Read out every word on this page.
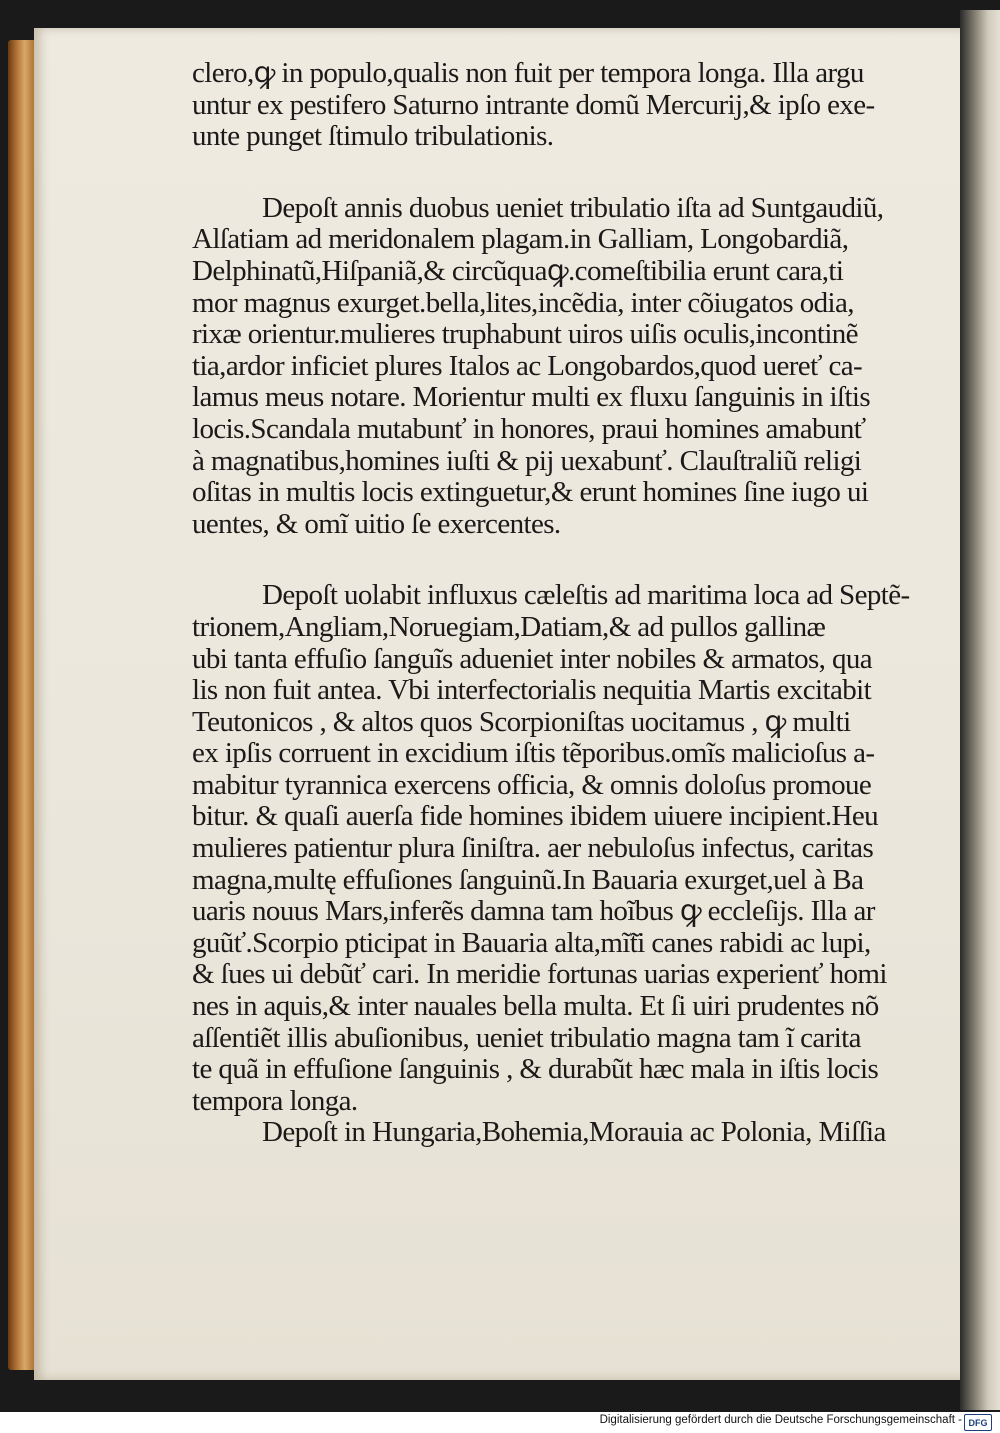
clero,ꝙ in populo,qualis non fuit per tempora longa. Illa argu
untur ex pestifero Saturno intrante domũ Mercurij,& ipſo exe-
unte punget ſtimulo tribulationis.
Depoſt annis duobus ueniet tribulatio iſta ad Suntgaudiũ,
Alſatiam ad meridonalem plagam.in Galliam, Longobardiã,
Delphinatũ,Hiſpaniã,& circũquaꝙ.comeſtibilia erunt cara,ti
mor magnus exurget.bella,lites,incẽdia, inter cõiugatos odia,
rixæ orientur.mulieres truphabunt uiros uiſis oculis,incontinẽ
tia,ardor inficiet plures Italos ac Longobardos,quod uereť ca-
lamus meus notare. Morientur multi ex fluxu ſanguinis in iſtis
locis.Scandala mutabunť in honores, praui homines amabunť
à magnatibus,homines iuſti & pij uexabunť. Clauſtraliũ religi
oſitas in multis locis extinguetur,& erunt homines ſine iugo ui
uentes, & omĩ uitio ſe exercentes.
Depoſt uolabit influxus cæleſtis ad maritima loca ad Septẽ-
trionem,Angliam,Noruegiam,Datiam,& ad pullos gallinæ
ubi tanta effuſio ſanguĩs adueniet inter nobiles & armatos, qua
lis non fuit antea. Vbi interfectorialis nequitia Martis excitabit
Teutonicos , & altos quos Scorpioniſtas uocitamus , ꝙ multi
ex ipſis corruent in excidium iſtis tẽporibus.omĩs malicioſus a-
mabitur tyrannica exercens officia, & omnis doloſus promoue
bitur. & quaſi auerſa fide homines ibidem uiuere incipient.Heu
mulieres patientur plura ſiniſtra. aer nebuloſus infectus, caritas
magna,multę effuſiones ſanguinũ.In Bauaria exurget,uel à Ba
uaris nouus Mars,inferẽs damna tam hoĩbus ꝙ eccleſijs. Illa ar
guũť.Scorpio pticipat in Bauaria alta,mĩ̃ti canes rabidi ac lupi,
& ſues ui debũť cari. In meridie fortunas uarias experienť homi
nes in aquis,& inter nauales bella multa. Et ſi uiri prudentes nõ
aſſentiẽt illis abuſionibus, ueniet tribulatio magna tam ĩ carita
te quã in effuſione ſanguinis , & durabũt hæc mala in iſtis locis
tempora longa.
Depoſt in Hungaria,Bohemia,Morauia ac Polonia, Miſſia
Digitalisierung gefördert durch die Deutsche Forschungsgemeinschaft - DFG
